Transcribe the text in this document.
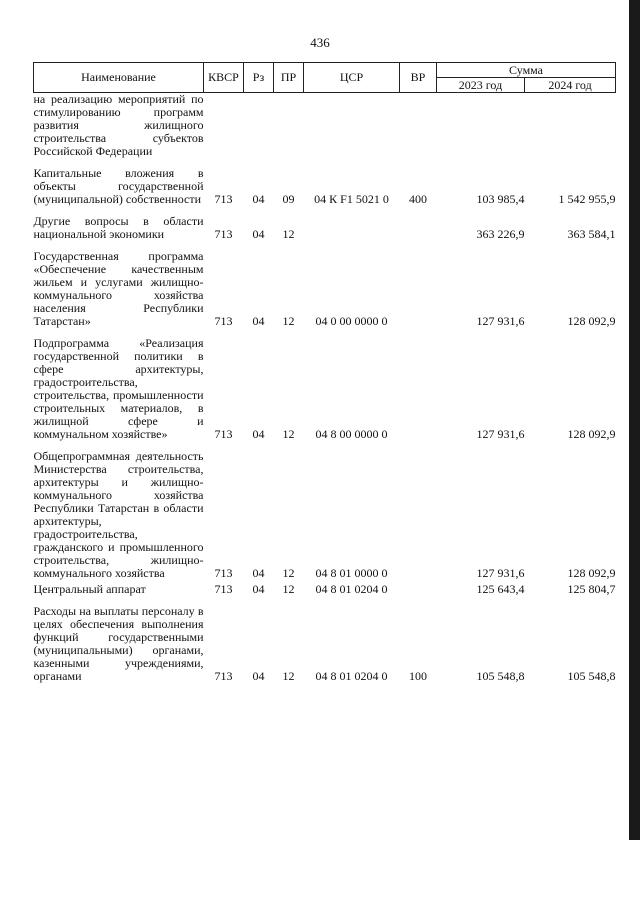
436
Наименование	КВСР	Рз	ПР	ЦСР	ВР	Сумма	
						2023 год	2024 год
на реализацию мероприятий по стимулированию программ развития жилищного строительства субъектов Российской Федерации							

Капитальные вложения в объекты государственной (муниципальной) собственности	713	04	09	04 К F1 5021 0	400	103 985,4	1 542 955,9

Другие вопросы в области национальной экономики	713	04	12			363 226,9	363 584,1

Государственная программа «Обеспечение качественным жильем и услугами жилищно-коммунального хозяйства населения Республики Татарстан»	713	04	12	04 0 00 0000 0		127 931,6	128 092,9

Подпрограмма «Реализация государственной политики в сфере архитектуры, градостроительства, строительства, промышленности строительных материалов, в жилищной сфере и коммунальном хозяйстве»	713	04	12	04 8 00 0000 0		127 931,6	128 092,9

Общепрограммная деятельность Министерства строительства, архитектуры и жилищно-коммунального хозяйства Республики Татарстан в области архитектуры, градостроительства, гражданского и промышленного строительства, жилищно-коммунального хозяйства	713	04	12	04 8 01 0000 0		127 931,6	128 092,9

Центральный аппарат	713	04	12	04 8 01 0204 0		125 643,4	125 804,7

Расходы на выплаты персоналу в целях обеспечения выполнения функций государственными (муниципальными) органами, казенными учреждениями, органами	713	04	12	04 8 01 0204 0	100	105 548,8	105 548,8
